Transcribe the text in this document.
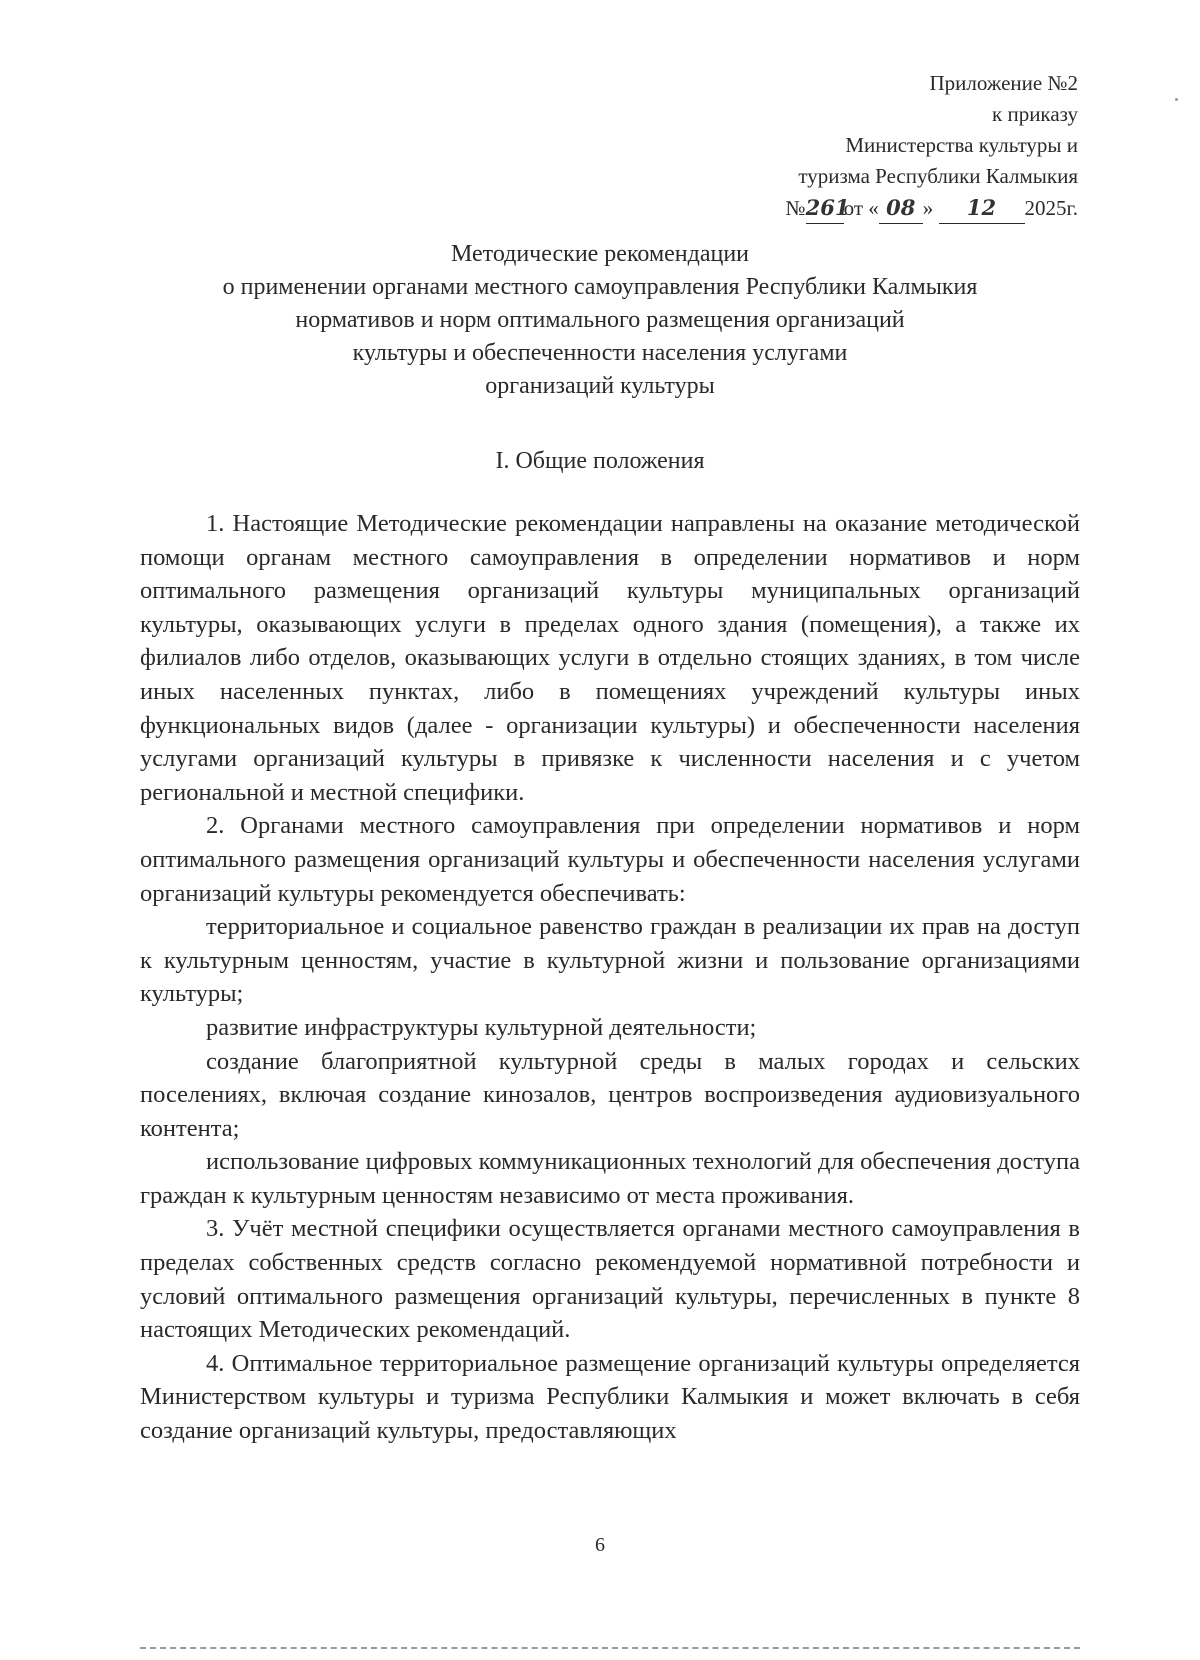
Приложение №2
к приказу
Министерства культуры и
туризма Республики Калмыкия
№261от « 08 » 12 2025г.
Методические рекомендации
о применении органами местного самоуправления Республики Калмыкия
нормативов и норм оптимального размещения организаций
культуры и обеспеченности населения услугами
организаций культуры
I. Общие положения

1. Настоящие Методические рекомендации направлены на оказание методической помощи органам местного самоуправления в определении нормативов и норм оптимального размещения организаций культуры муниципальных организаций культуры, оказывающих услуги в пределах одного здания (помещения), а также их филиалов либо отделов, оказывающих услуги в отдельно стоящих зданиях, в том числе иных населенных пунктах, либо в помещениях учреждений культуры иных функциональных видов (далее - организации культуры) и обеспеченности населения услугами организаций культуры в привязке к численности населения и с учетом региональной и местной специфики.

2. Органами местного самоуправления при определении нормативов и норм оптимального размещения организаций культуры и обеспеченности населения услугами организаций культуры рекомендуется обеспечивать:

территориальное и социальное равенство граждан в реализации их прав на доступ к культурным ценностям, участие в культурной жизни и пользование организациями культуры;

развитие инфраструктуры культурной деятельности;

создание благоприятной культурной среды в малых городах и сельских поселениях, включая создание кинозалов, центров воспроизведения аудиовизуального контента;

использование цифровых коммуникационных технологий для обеспечения доступа граждан к культурным ценностям независимо от места проживания.

3. Учёт местной специфики осуществляется органами местного самоуправления в пределах собственных средств согласно рекомендуемой нормативной потребности и условий оптимального размещения организаций культуры, перечисленных в пункте 8 настоящих Методических рекомендаций.

4. Оптимальное территориальное размещение организаций культуры определяется Министерством культуры и туризма Республики Калмыкия и может включать в себя создание организаций культуры, предоставляющих

6
